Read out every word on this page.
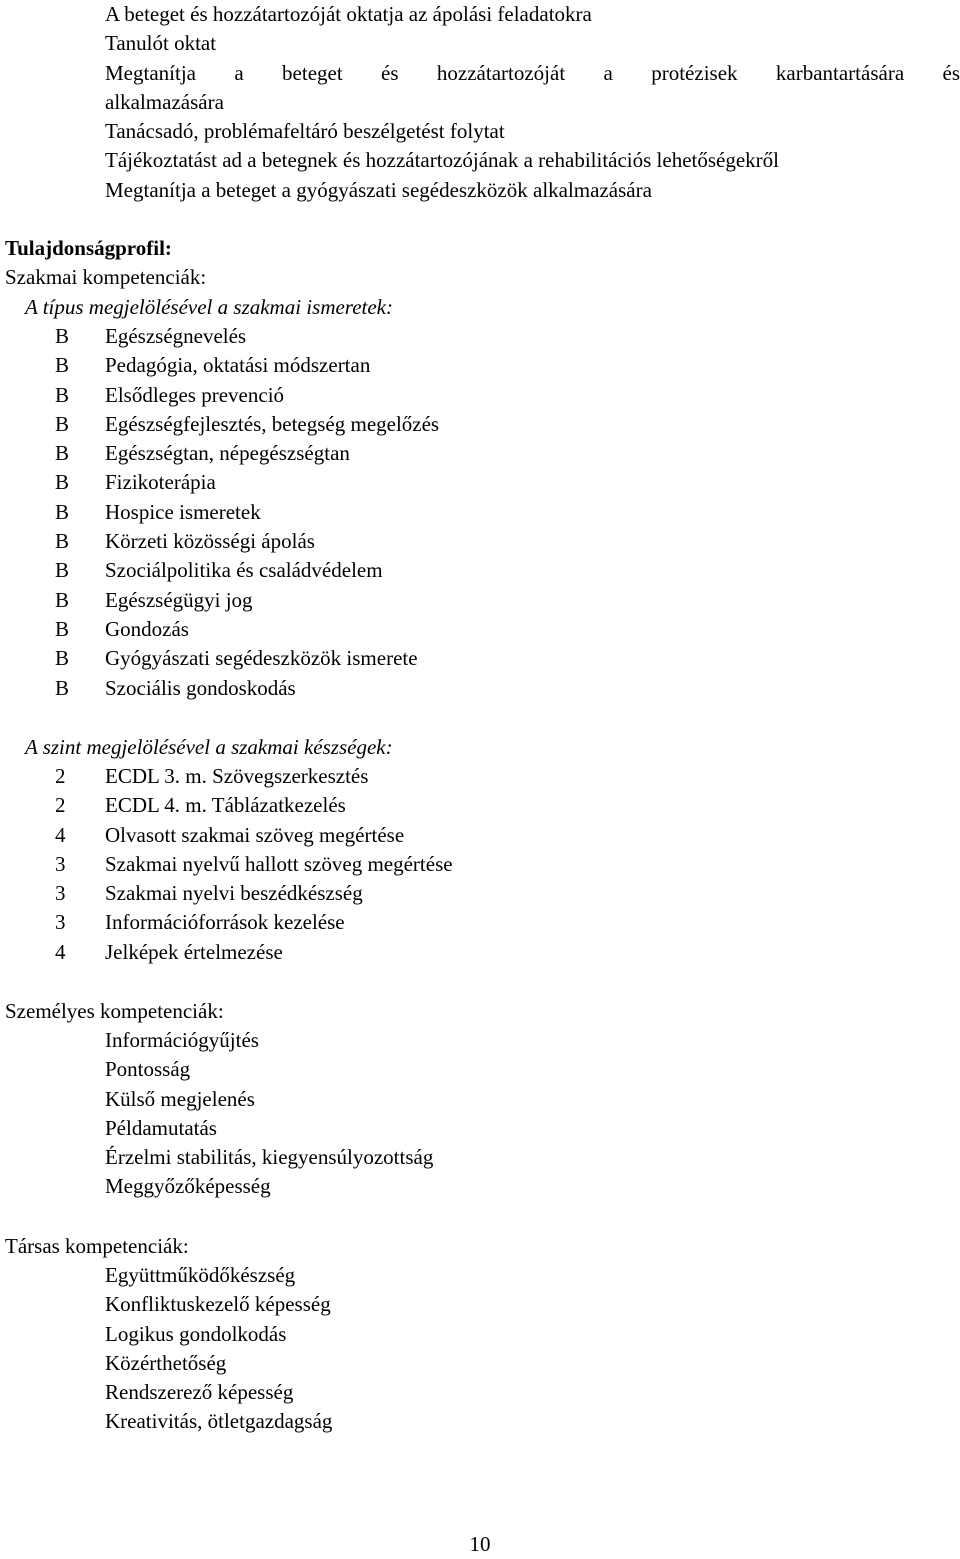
A beteget és hozzátartozóját oktatja az ápolási feladatokra
Tanulót oktat
Megtanítja a beteget és hozzátartozóját a protézisek karbantartására és
alkalmazására
Tanácsadó, problémafeltáró beszélgetést folytat
Tájékoztatást ad a betegnek és hozzátartozójának a rehabilitációs lehetőségekről
Megtanítja a beteget a gyógyászati segédeszközök alkalmazására
Tulajdonságprofil:
Szakmai kompetenciák:
A típus megjelölésével a szakmai ismeretek:
B Egészségnevelés
B Pedagógia, oktatási módszertan
B Elsődleges prevenció
B Egészségfejlesztés, betegség megelőzés
B Egészségtan, népegészségtan
B Fizikoterápia
B Hospice ismeretek
B Körzeti közösségi ápolás
B Szociálpolitika és családvédelem
B Egészségügyi jog
B Gondozás
B Gyógyászati segédeszközök ismerete
B Szociális gondoskodás
A szint megjelölésével a szakmai készségek:
2 ECDL 3. m. Szövegszerkesztés
2 ECDL 4. m. Táblázatkezelés
4 Olvasott szakmai szöveg megértése
3 Szakmai nyelvű hallott szöveg megértése
3 Szakmai nyelvi beszédkészség
3 Információforrások kezelése
4 Jelképek értelmezése
Személyes kompetenciák:
Információgyűjtés
Pontosság
Külső megjelenés
Példamutatás
Érzelmi stabilitás, kiegyensúlyozottság
Meggyőzőképesség
Társas kompetenciák:
Együttműködőkészség
Konfliktuskezelő képesség
Logikus gondolkodás
Közérthetőség
Rendszerező képesség
Kreativitás, ötletgazdagság
10
